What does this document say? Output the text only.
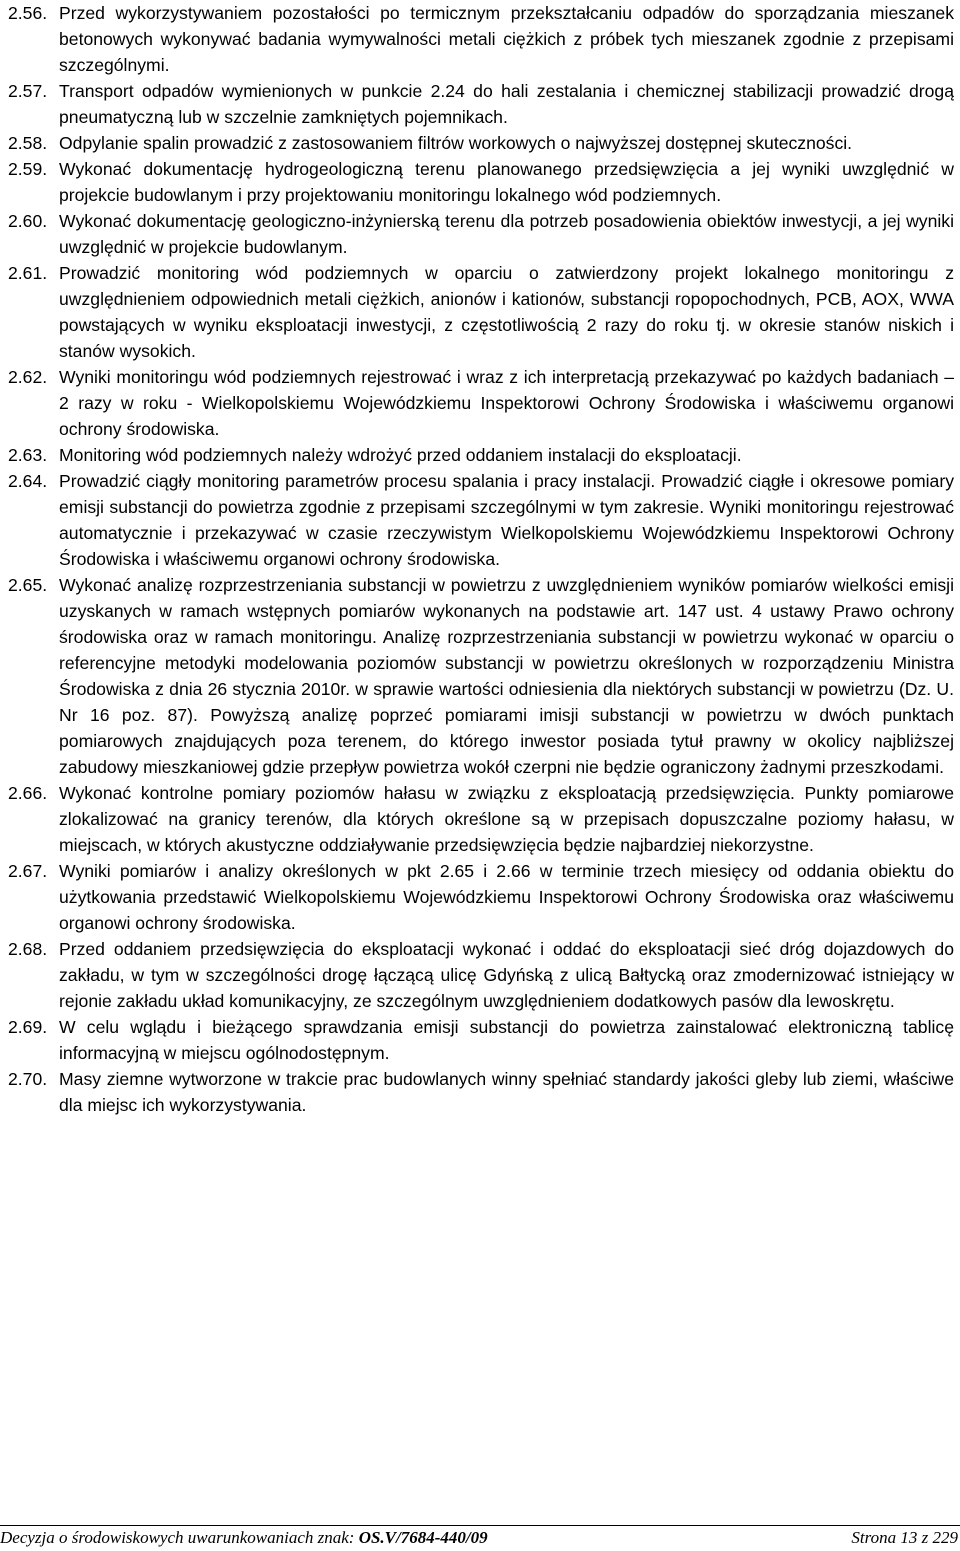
2.56. Przed wykorzystywaniem pozostałości po termicznym przekształcaniu odpadów do sporządzania mieszanek betonowych wykonywać badania wymywalności metali ciężkich z próbek tych mieszanek zgodnie z przepisami szczególnymi.
2.57. Transport odpadów wymienionych w punkcie 2.24 do hali zestalania i chemicznej stabilizacji prowadzić drogą pneumatyczną lub w szczelnie zamkniętych pojemnikach.
2.58. Odpylanie spalin prowadzić z zastosowaniem filtrów workowych o najwyższej dostępnej skuteczności.
2.59. Wykonać dokumentację hydrogeologiczną terenu planowanego przedsięwzięcia a jej wyniki uwzględnić w projekcie budowlanym i przy projektowaniu monitoringu lokalnego wód podziemnych.
2.60. Wykonać dokumentację geologiczno-inżynierską terenu dla potrzeb posadowienia obiektów inwestycji, a jej wyniki uwzględnić w projekcie budowlanym.
2.61. Prowadzić monitoring wód podziemnych w oparciu o zatwierdzony projekt lokalnego monitoringu z uwzględnieniem odpowiednich metali ciężkich, anionów i kationów, substancji ropopochodnych, PCB, AOX, WWA powstających w wyniku eksploatacji inwestycji, z częstotliwością 2 razy do roku tj. w okresie stanów niskich i stanów wysokich.
2.62. Wyniki monitoringu wód podziemnych rejestrować i wraz z ich interpretacją przekazywać po każdych badaniach – 2 razy w roku - Wielkopolskiemu Wojewódzkiemu Inspektorowi Ochrony Środowiska i właściwemu organowi ochrony środowiska.
2.63. Monitoring wód podziemnych należy wdrożyć przed oddaniem instalacji do eksploatacji.
2.64. Prowadzić ciągły monitoring parametrów procesu spalania i pracy instalacji. Prowadzić ciągłe i okresowe pomiary emisji substancji do powietrza zgodnie z przepisami szczególnymi w tym zakresie. Wyniki monitoringu rejestrować automatycznie i przekazywać w czasie rzeczywistym Wielkopolskiemu Wojewódzkiemu Inspektorowi Ochrony Środowiska i właściwemu organowi ochrony środowiska.
2.65. Wykonać analizę rozprzestrzeniania substancji w powietrzu z uwzględnieniem wyników pomiarów wielkości emisji uzyskanych w ramach wstępnych pomiarów wykonanych na podstawie art. 147 ust. 4 ustawy Prawo ochrony środowiska oraz w ramach monitoringu. Analizę rozprzestrzeniania substancji w powietrzu wykonać w oparciu o referencyjne metodyki modelowania poziomów substancji w powietrzu określonych w rozporządzeniu Ministra Środowiska z dnia 26 stycznia 2010r. w sprawie wartości odniesienia dla niektórych substancji w powietrzu (Dz. U. Nr 16 poz. 87). Powyższą analizę poprzeć pomiarami imisji substancji w powietrzu w dwóch punktach pomiarowych znajdujących poza terenem, do którego inwestor posiada tytuł prawny w okolicy najbliższej zabudowy mieszkaniowej gdzie przepływ powietrza wokół czerpni nie będzie ograniczony żadnymi przeszkodami.
2.66. Wykonać kontrolne pomiary poziomów hałasu w związku z eksploatacją przedsięwzięcia. Punkty pomiarowe zlokalizować na granicy terenów, dla których określone są w przepisach dopuszczalne poziomy hałasu, w miejscach, w których akustyczne oddziaływanie przedsięwzięcia będzie najbardziej niekorzystne.
2.67. Wyniki pomiarów i analizy określonych w pkt 2.65 i 2.66 w terminie trzech miesięcy od oddania obiektu do użytkowania przedstawić Wielkopolskiemu Wojewódzkiemu Inspektorowi Ochrony Środowiska oraz właściwemu organowi ochrony środowiska.
2.68. Przed oddaniem przedsięwzięcia do eksploatacji wykonać i oddać do eksploatacji sieć dróg dojazdowych do zakładu, w tym w szczególności drogę łączącą ulicę Gdyńską z ulicą Bałtycką oraz zmodernizować istniejący w rejonie zakładu układ komunikacyjny, ze szczególnym uwzględnieniem dodatkowych pasów dla lewoskrętu.
2.69. W celu wglądu i bieżącego sprawdzania emisji substancji do powietrza zainstalować elektroniczną tablicę informacyjną w miejscu ogólnodostępnym.
2.70. Masy ziemne wytworzone w trakcie prac budowlanych winny spełniać standardy jakości gleby lub ziemi, właściwe dla miejsc ich wykorzystywania.
Decyzja o środowiskowych uwarunkowaniach znak: OS.V/7684-440/09	Strona 13 z 229
